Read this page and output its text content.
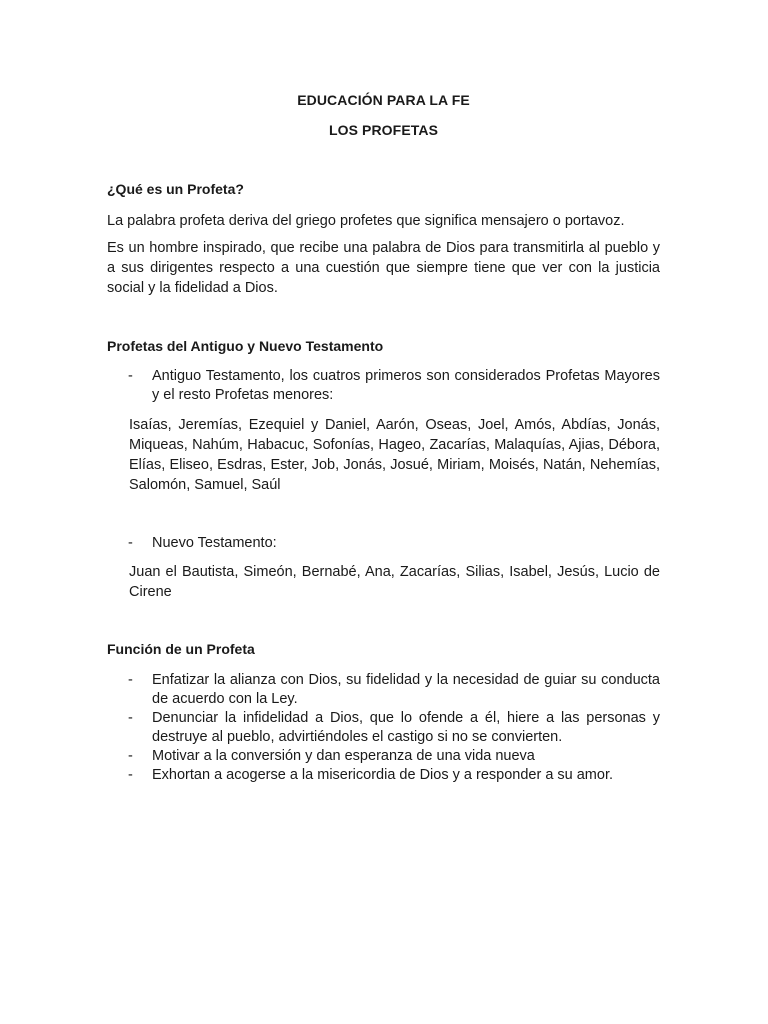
EDUCACIÓN PARA LA FE
LOS PROFETAS
¿Qué es un Profeta?
La palabra profeta deriva del griego profetes que significa mensajero o portavoz.
Es un hombre inspirado, que recibe una palabra de Dios para transmitirla al pueblo y a sus dirigentes respecto a una cuestión que siempre tiene que ver con la justicia social y la fidelidad a Dios.
Profetas del Antiguo y Nuevo Testamento
- Antiguo Testamento, los cuatros primeros son considerados Profetas Mayores y el resto Profetas menores:
Isaías, Jeremías, Ezequiel y Daniel, Aarón, Oseas, Joel, Amós, Abdías, Jonás, Miqueas, Nahúm, Habacuc, Sofonías, Hageo, Zacarías, Malaquías, Ajias, Débora, Elías, Eliseo, Esdras, Ester, Job, Jonás, Josué, Miriam, Moisés, Natán, Nehemías, Salomón, Samuel, Saúl
- Nuevo Testamento:
Juan el Bautista, Simeón, Bernabé, Ana, Zacarías, Silias, Isabel, Jesús, Lucio de Cirene
Función de un Profeta
- Enfatizar la alianza con Dios, su fidelidad y la necesidad de guiar su conducta de acuerdo con la Ley.
- Denunciar la infidelidad a Dios, que lo ofende a él, hiere a las personas y destruye al pueblo, advirtiéndoles el castigo si no se convierten.
- Motivar a la conversión y dan esperanza de una vida nueva
- Exhortan a acogerse a la misericordia de Dios y a responder a su amor.
